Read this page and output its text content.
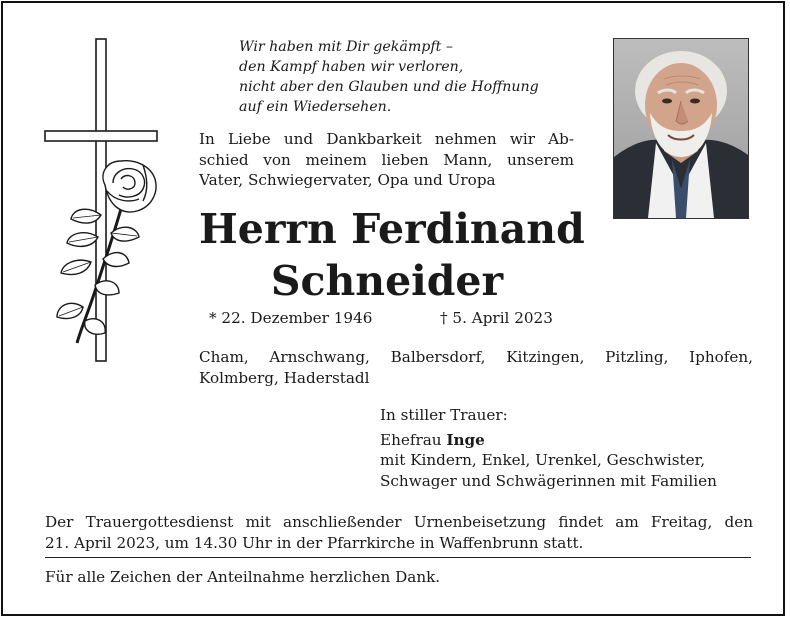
Wir haben mit Dir gekämpft –
den Kampf haben wir verloren,
nicht aber den Glauben und die Hoffnung
auf ein Wiedersehen.
In Liebe und Dankbarkeit nehmen wir Ab-
schied von meinem lieben Mann, unserem
Vater, Schwiegervater, Opa und Uropa
Herrn Ferdinand
Schneider
* 22. Dezember 1946	† 5. April 2023
Cham, Arnschwang, Balbersdorf, Kitzingen, Pitzling, Iphofen,
Kolmberg, Haderstadl
In stiller Trauer:
Ehefrau Inge
mit Kindern, Enkel, Urenkel, Geschwister,
Schwager und Schwägerinnen mit Familien
Der Trauergottesdienst mit anschließender Urnenbeisetzung findet am Freitag, den
21. April 2023, um 14.30 Uhr in der Pfarrkirche in Waffenbrunn statt.
Für alle Zeichen der Anteilnahme herzlichen Dank.
